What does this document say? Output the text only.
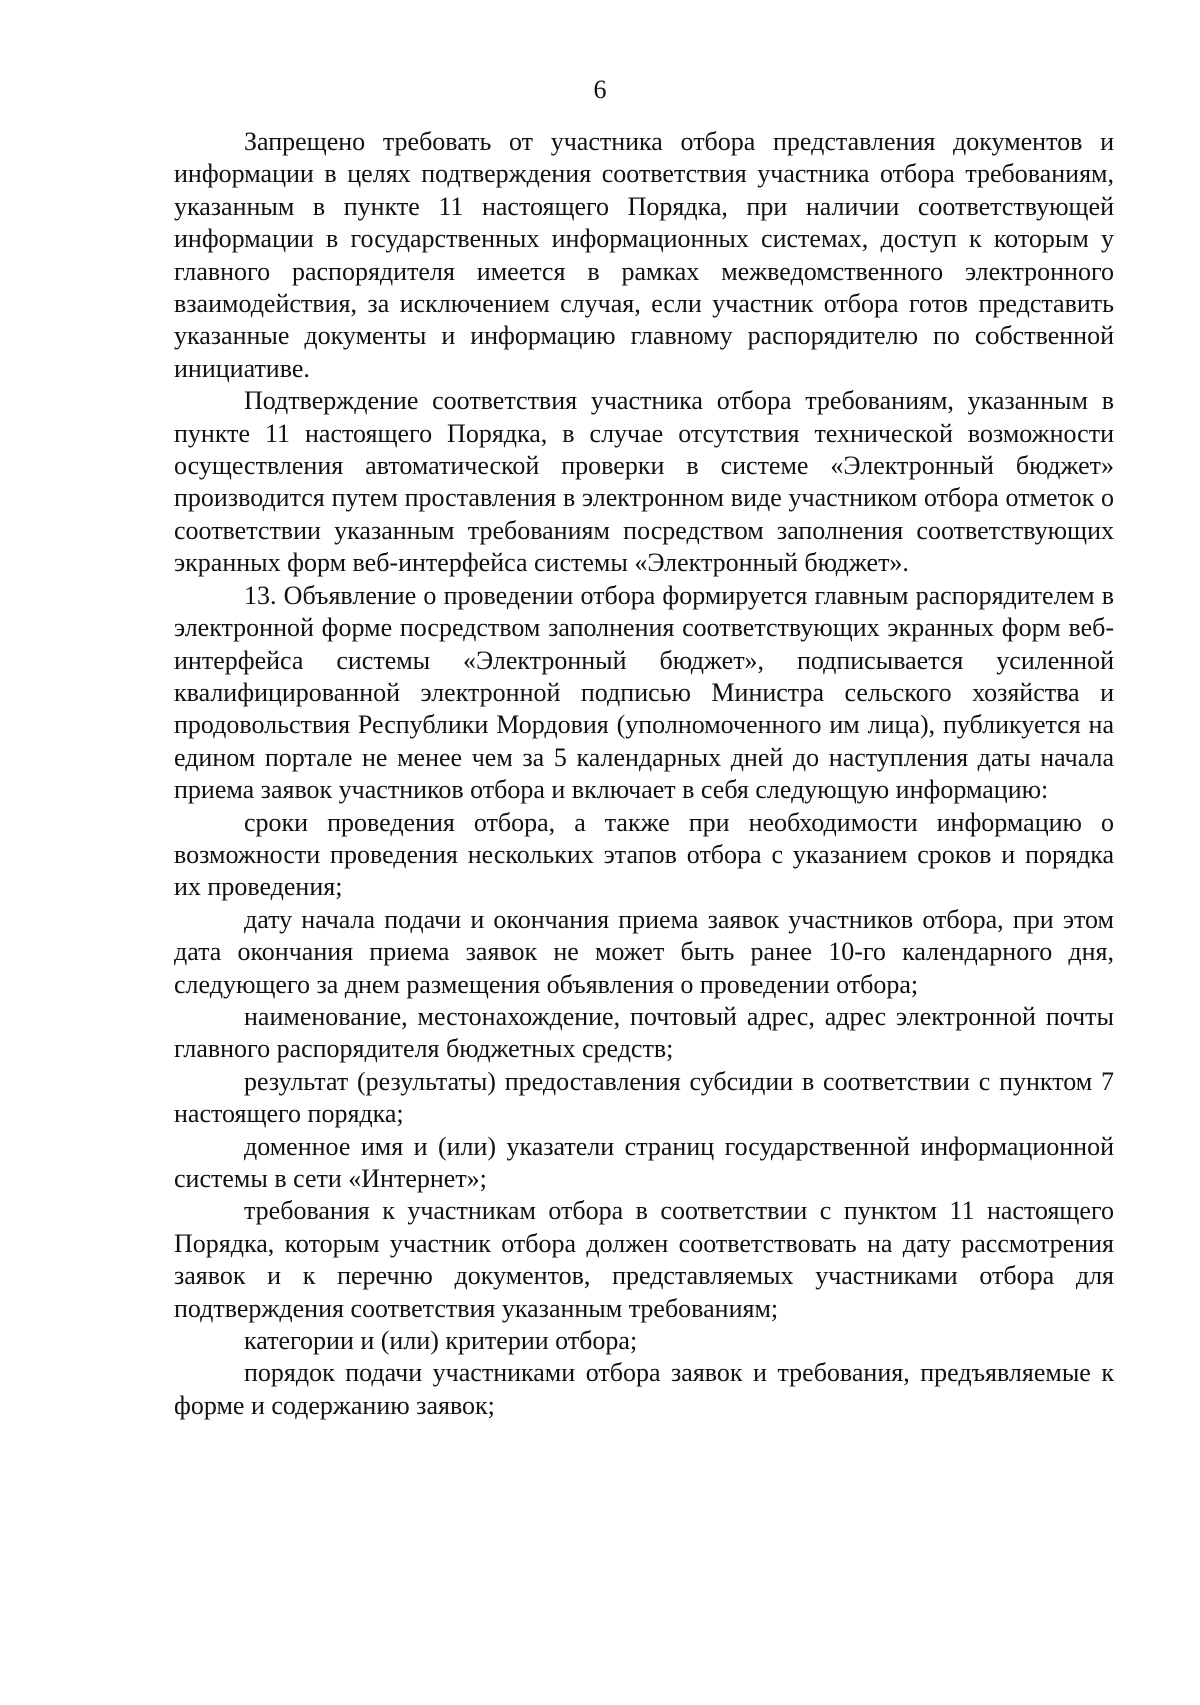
6

Запрещено требовать от участника отбора представления документов и информации в целях подтверждения соответствия участника отбора требованиям, указанным в пункте 11 настоящего Порядка, при наличии соответствующей информации в государственных информационных системах, доступ к которым у главного распорядителя имеется в рамках межведомственного электронного взаимодействия, за исключением случая, если участник отбора готов представить указанные документы и информацию главному распорядителю по собственной инициативе.

Подтверждение соответствия участника отбора требованиям, указанным в пункте 11 настоящего Порядка, в случае отсутствия технической возможности осуществления автоматической проверки в системе «Электронный бюджет» производится путем проставления в электронном виде участником отбора отметок о соответствии указанным требованиям посредством заполнения соответствующих экранных форм веб-интерфейса системы «Электронный бюджет».

13. Объявление о проведении отбора формируется главным распорядителем в электронной форме посредством заполнения соответствующих экранных форм веб-интерфейса системы «Электронный бюджет», подписывается усиленной квалифицированной электронной подписью Министра сельского хозяйства и продовольствия Республики Мордовия (уполномоченного им лица), публикуется на едином портале не менее чем за 5 календарных дней до наступления даты начала приема заявок участников отбора и включает в себя следующую информацию:

сроки проведения отбора, а также при необходимости информацию о возможности проведения нескольких этапов отбора с указанием сроков и порядка их проведения;

дату начала подачи и окончания приема заявок участников отбора, при этом дата окончания приема заявок не может быть ранее 10-го календарного дня, следующего за днем размещения объявления о проведении отбора;

наименование, местонахождение, почтовый адрес, адрес электронной почты главного распорядителя бюджетных средств;

результат (результаты) предоставления субсидии в соответствии с пунктом 7 настоящего порядка;

доменное имя и (или) указатели страниц государственной информационной системы в сети «Интернет»;

требования к участникам отбора в соответствии с пунктом 11 настоящего Порядка, которым участник отбора должен соответствовать на дату рассмотрения заявок и к перечню документов, представляемых участниками отбора для подтверждения соответствия указанным требованиям;

категории и (или) критерии отбора;

порядок подачи участниками отбора заявок и требования, предъявляемые к форме и содержанию заявок;
